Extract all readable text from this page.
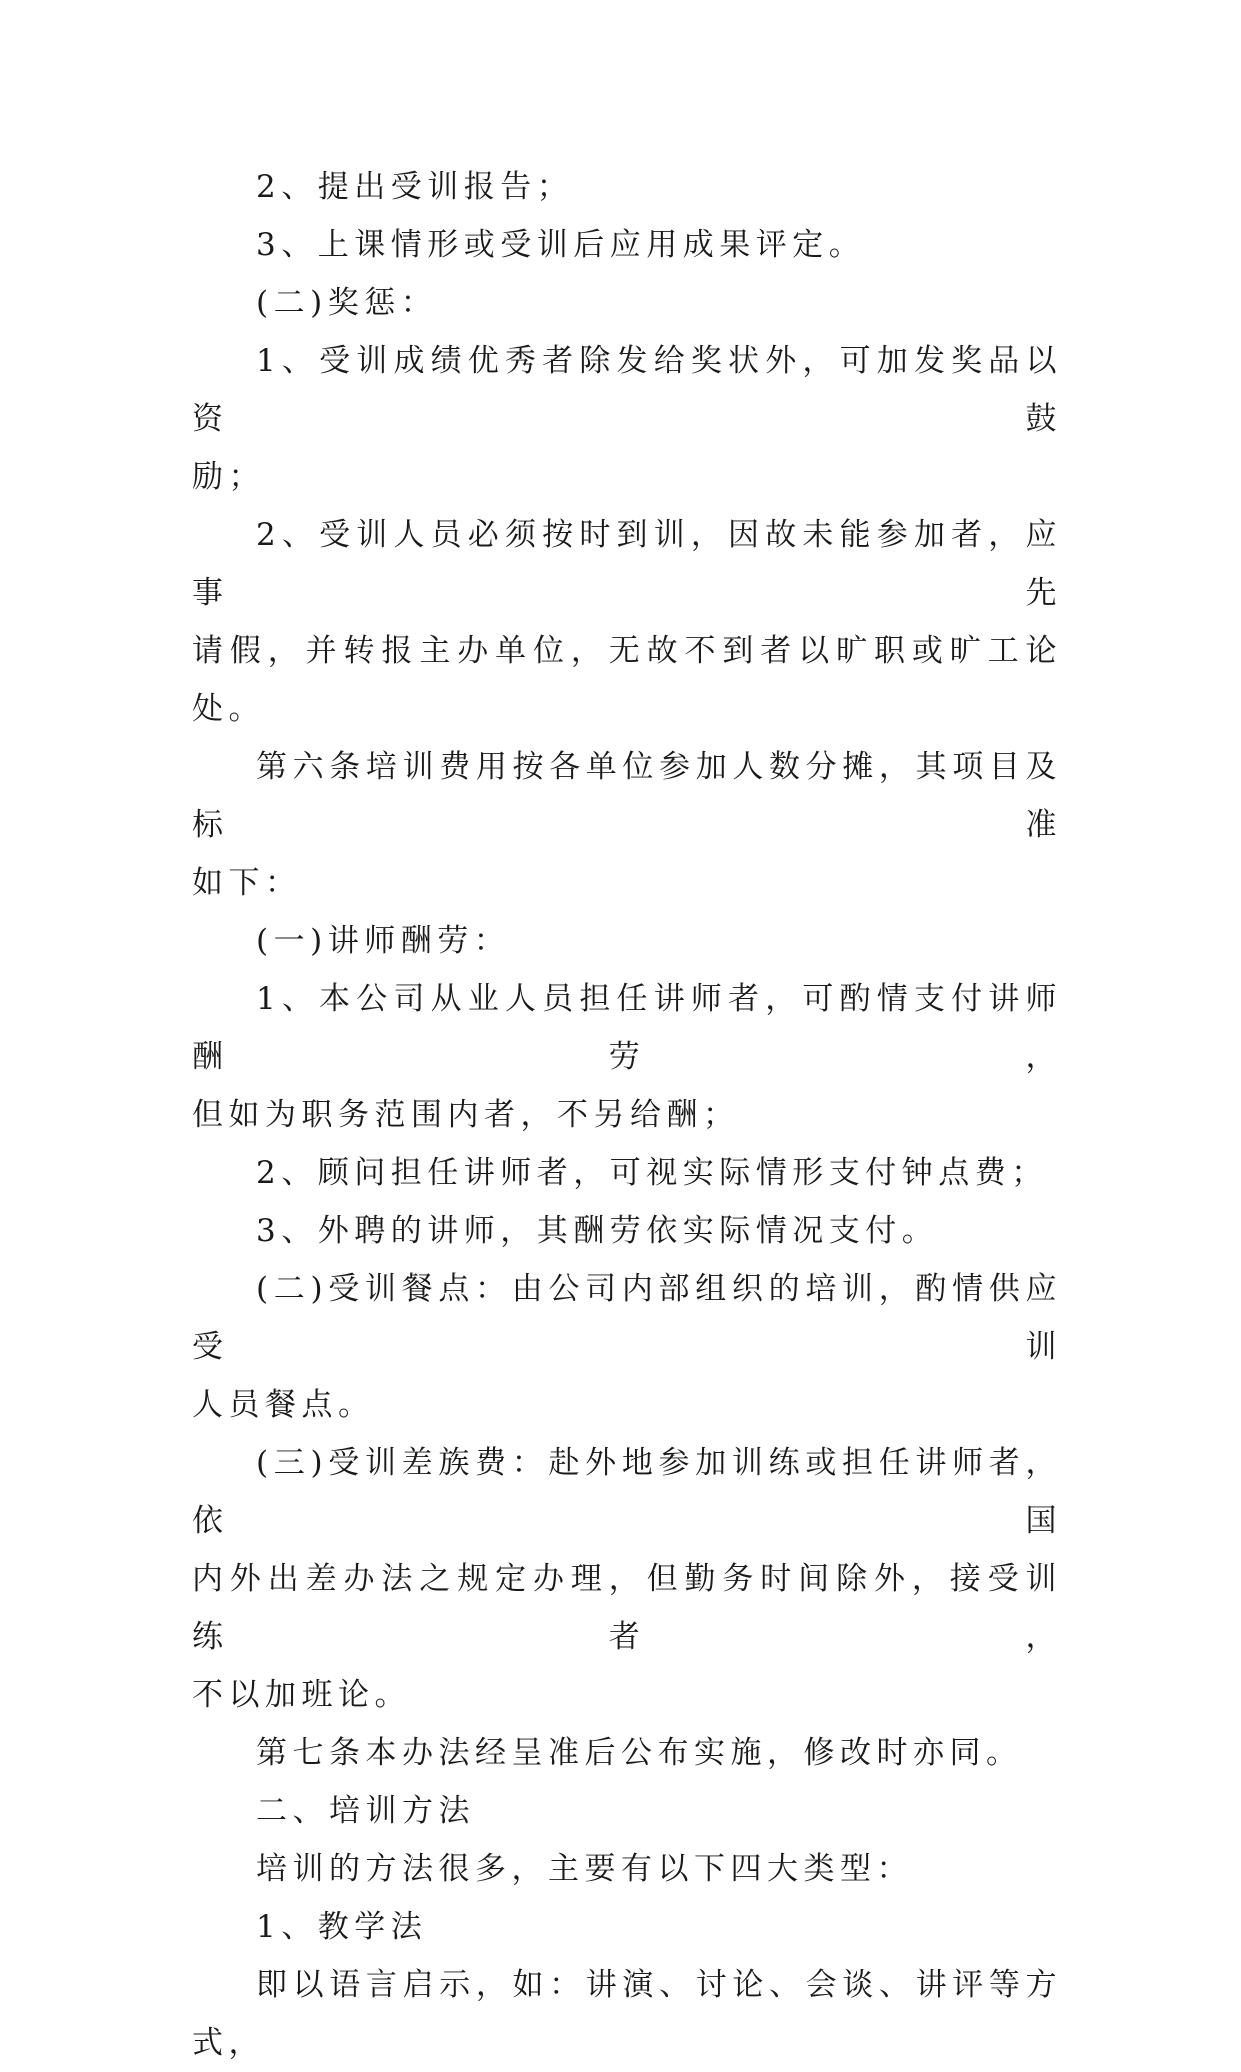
2、提出受训报告；
3、上课情形或受训后应用成果评定。
(二)奖惩：
1、受训成绩优秀者除发给奖状外，可加发奖品以资鼓
励；
2、受训人员必须按时到训，因故未能参加者，应事先
请假，并转报主办单位，无故不到者以旷职或旷工论处。
第六条培训费用按各单位参加人数分摊，其项目及标准
如下：
(一)讲师酬劳：
1、本公司从业人员担任讲师者，可酌情支付讲师酬劳，
但如为职务范围内者，不另给酬；
2、顾问担任讲师者，可视实际情形支付钟点费；
3、外聘的讲师，其酬劳依实际情况支付。
(二)受训餐点：由公司内部组织的培训，酌情供应受训
人员餐点。
(三)受训差族费：赴外地参加训练或担任讲师者，依国
内外出差办法之规定办理，但勤务时间除外，接受训练者，
不以加班论。
第七条本办法经呈准后公布实施，修改时亦同。
二、培训方法
培训的方法很多，主要有以下四大类型：
1、教学法
即以语言启示，如：讲演、讨论、会谈、讲评等方式，
